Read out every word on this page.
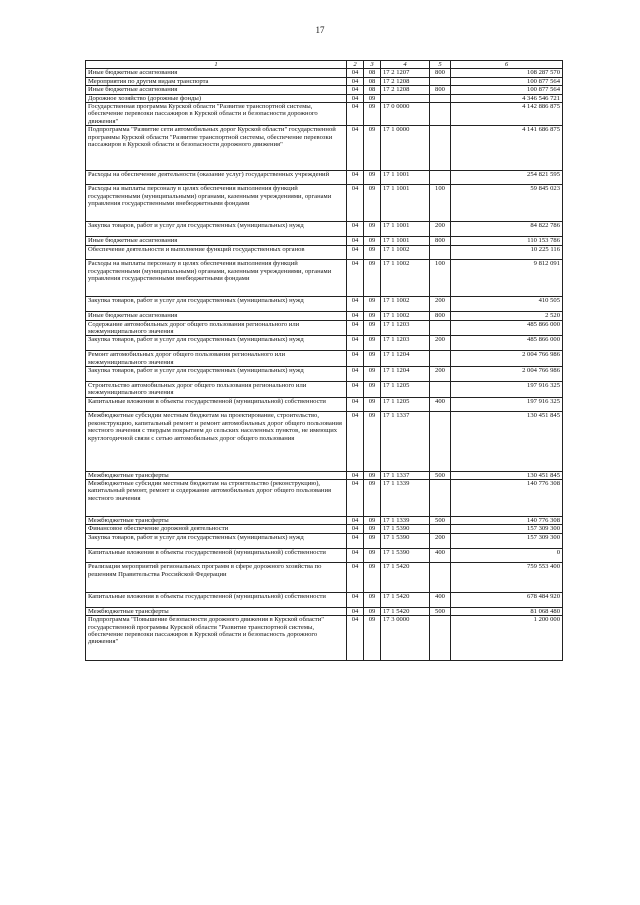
17
1	2	3	4	5	6
Иные бюджетные ассигнования	04	08	17 2 1207	800	108 287 570
Мероприятия по другим видам транспорта	04	08	17 2 1208		100 877 564
Иные бюджетные ассигнования	04	08	17 2 1208	800	100 877 564
Дорожное хозяйство (дорожные фонды)	04	09			4 346 546 721
Государственная программа Курской области "Развитие транспортной системы, обеспечение перевозки пассажиров в Курской области и безопасности дорожного движения"	04	09	17 0 0000		4 142 886 875
Подпрограмма "Развитие сети автомобильных дорог Курской области" государственной программы Курской области "Развитие транспортной системы, обеспечение перевозки пассажиров в Курской области и безопасности дорожного движения"	04	09	17 1 0000		4 141 686 875
Расходы на обеспечение деятельности (оказание услуг) государственных учреждений	04	09	17 1 1001		254 821 595
Расходы на выплаты персоналу в целях обеспечения выполнения функций государственными (муниципальными) органами, казенными учреждениями, органами управления государственными внебюджетными фондами	04	09	17 1 1001	100	59 845 023
Закупка товаров, работ и услуг для государственных (муниципальных) нужд	04	09	17 1 1001	200	84 822 786
Иные бюджетные ассигнования	04	09	17 1 1001	800	110 153 786
Обеспечение деятельности и выполнение функций государственных органов	04	09	17 1 1002		10 225 116
Расходы на выплаты персоналу в целях обеспечения выполнения функций государственными (муниципальными) органами, казенными учреждениями, органами управления государственными внебюджетными фондами	04	09	17 1 1002	100	9 812 091
Закупка товаров, работ и услуг для государственных (муниципальных) нужд	04	09	17 1 1002	200	410 505
Иные бюджетные ассигнования	04	09	17 1 1002	800	2 520
Содержание автомобильных дорог общего пользования регионального или межмуниципального значения	04	09	17 1 1203		485 866 000
Закупка товаров, работ и услуг для государственных (муниципальных) нужд	04	09	17 1 1203	200	485 866 000
Ремонт автомобильных дорог общего пользования регионального или межмуниципального значения	04	09	17 1 1204		2 004 766 986
Закупка товаров, работ и услуг для государственных (муниципальных) нужд	04	09	17 1 1204	200	2 004 766 986
Строительство автомобильных дорог общего пользования регионального или межмуниципального значения	04	09	17 1 1205		197 916 325
Капитальные вложения в объекты государственной (муниципальной) собственности	04	09	17 1 1205	400	197 916 325
Межбюджетные субсидии местным бюджетам на проектирование, строительство, реконструкцию, капитальный ремонт и ремонт автомобильных дорог общего пользования местного значения с твердым покрытием до сельских населенных пунктов, не имеющих круглогодичной связи с сетью автомобильных дорог общего пользования	04	09	17 1 1337		130 451 845
Межбюджетные трансферты	04	09	17 1 1337	500	130 451 845
Межбюджетные субсидии местным бюджетам на строительство (реконструкцию), капитальный ремонт, ремонт и содержание автомобильных дорог общего пользования местного значения	04	09	17 1 1339		140 776 308
Межбюджетные трансферты	04	09	17 1 1339	500	140 776 308
Финансовое обеспечение дорожной деятельности	04	09	17 1 5390		157 309 300
Закупка товаров, работ и услуг для государственных (муниципальных) нужд	04	09	17 1 5390	200	157 309 300
Капитальные вложения в объекты государственной (муниципальной) собственности	04	09	17 1 5390	400	0
Реализация мероприятий региональных программ в сфере дорожного хозяйства по решениям Правительства Российской Федерации	04	09	17 1 5420		759 553 400
Капитальные вложения в объекты государственной (муниципальной) собственности	04	09	17 1 5420	400	678 484 920
Межбюджетные трансферты	04	09	17 1 5420	500	81 068 480
Подпрограмма "Повышение безопасности дорожного движения в Курской области" государственной программы Курской области "Развитие транспортной системы, обеспечение перевозки пассажиров в Курской области и безопасность дорожного движения"	04	09	17 3 0000		1 200 000
